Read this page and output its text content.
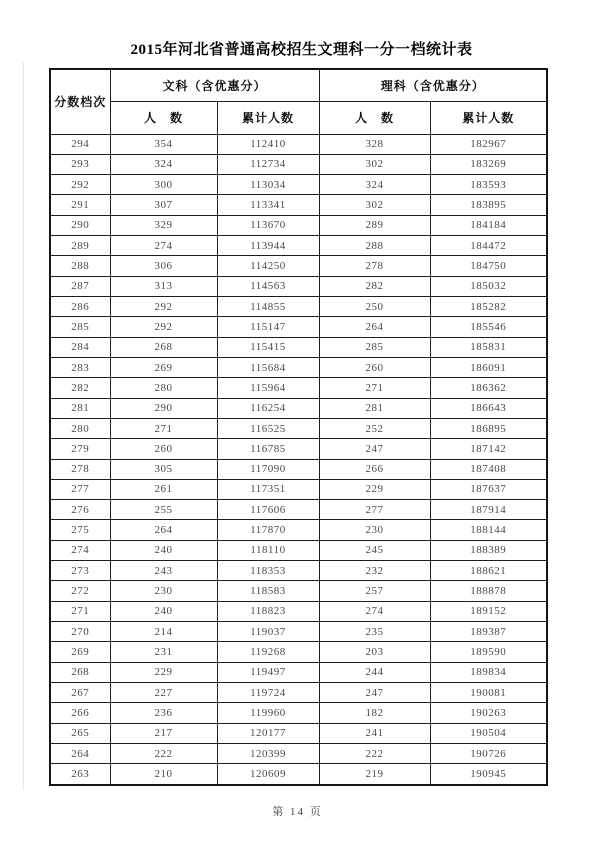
2015年河北省普通高校招生文理科一分一档统计表
分数档次	文科（含优惠分）		理科（含优惠分）	
	人　数	累计人数	人　数	累计人数
294	354	112410	328	182967
293	324	112734	302	183269
292	300	113034	324	183593
291	307	113341	302	183895
290	329	113670	289	184184
289	274	113944	288	184472
288	306	114250	278	184750
287	313	114563	282	185032
286	292	114855	250	185282
285	292	115147	264	185546
284	268	115415	285	185831
283	269	115684	260	186091
282	280	115964	271	186362
281	290	116254	281	186643
280	271	116525	252	186895
279	260	116785	247	187142
278	305	117090	266	187408
277	261	117351	229	187637
276	255	117606	277	187914
275	264	117870	230	188144
274	240	118110	245	188389
273	243	118353	232	188621
272	230	118583	257	188878
271	240	118823	274	189152
270	214	119037	235	189387
269	231	119268	203	189590
268	229	119497	244	189834
267	227	119724	247	190081
266	236	119960	182	190263
265	217	120177	241	190504
264	222	120399	222	190726
263	210	120609	219	190945
第 14 页
